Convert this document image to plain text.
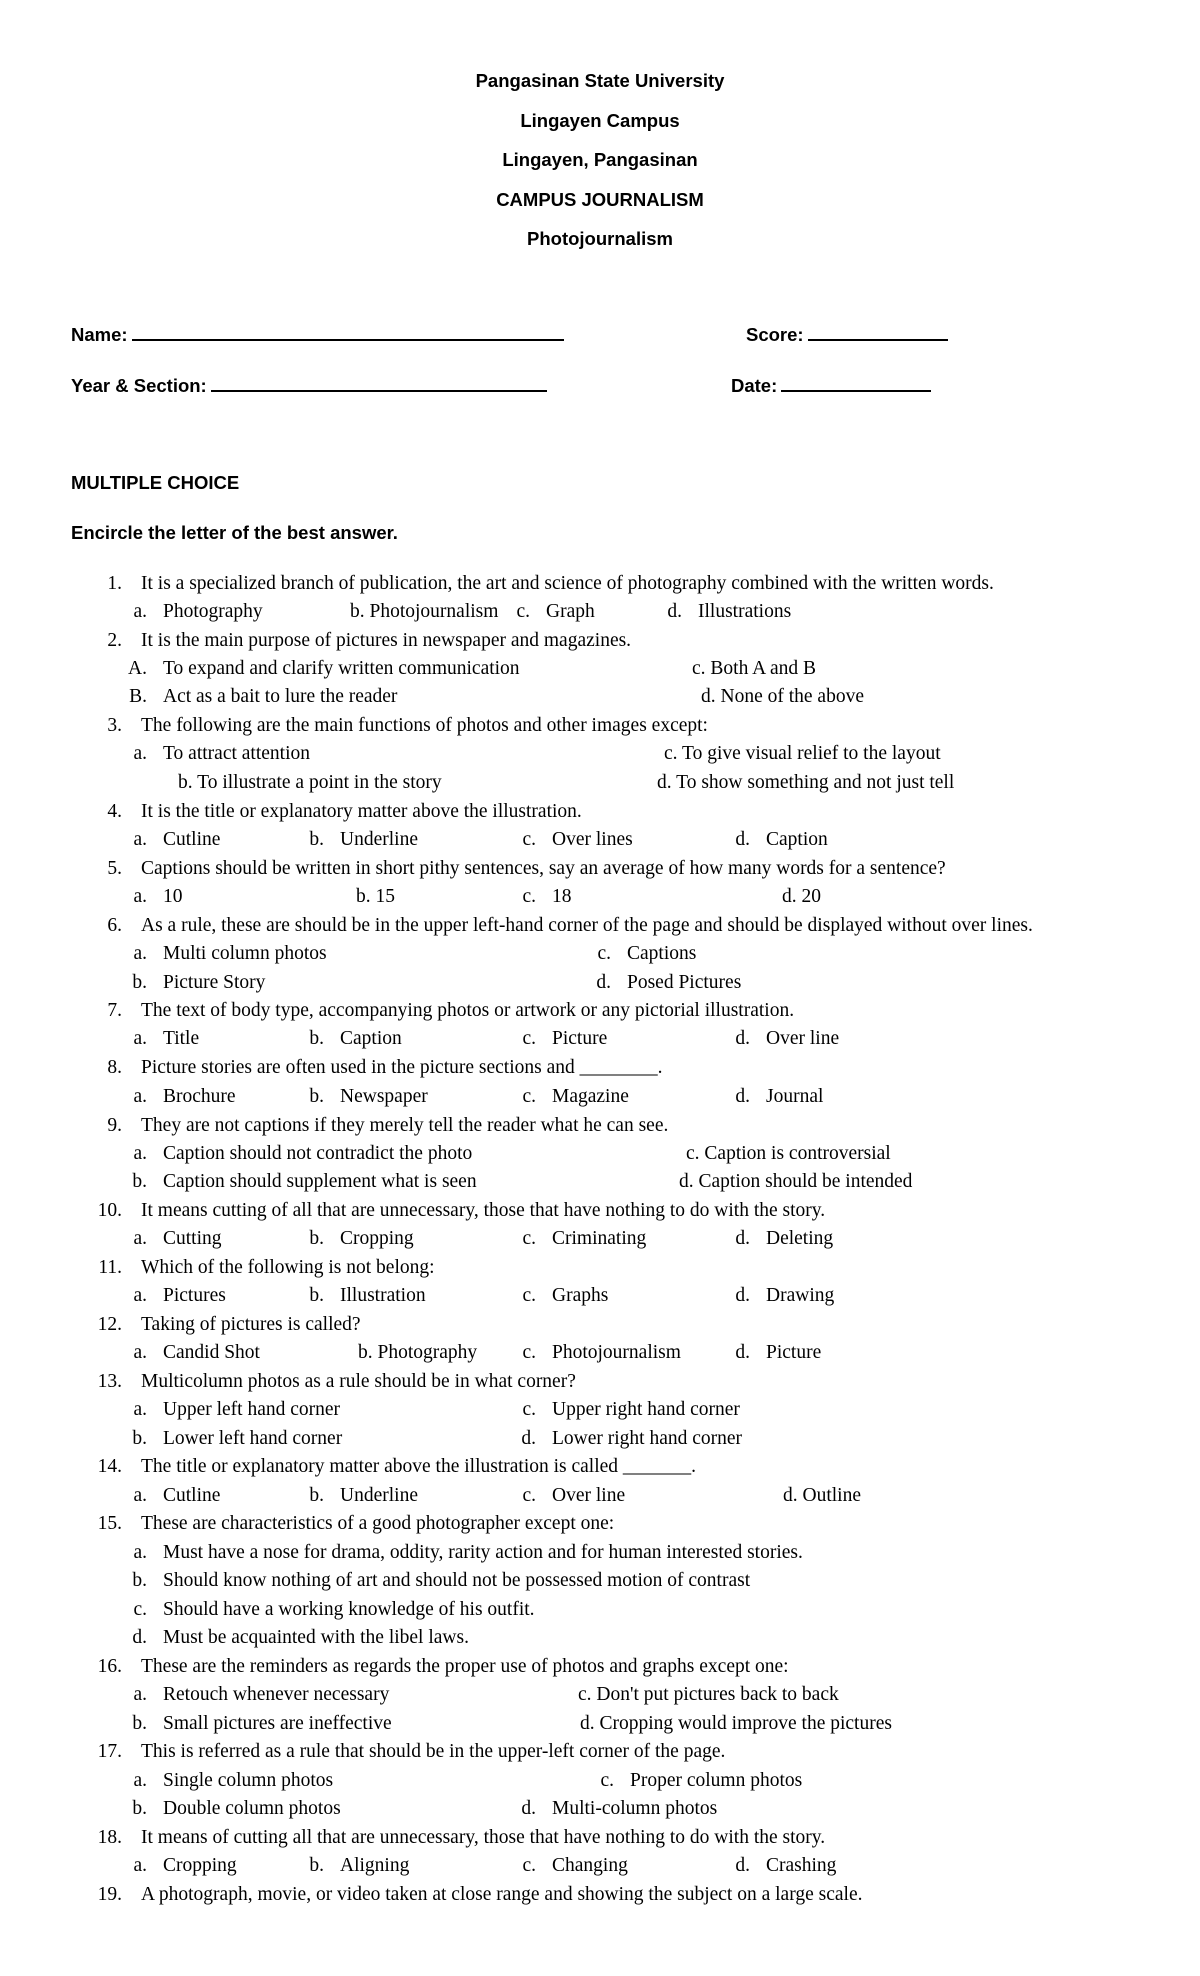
Pangasinan State University
Lingayen Campus
Lingayen, Pangasinan
CAMPUS JOURNALISM
Photojournalism
Name:	Score:
Year & Section:	Date:
MULTIPLE CHOICE
Encircle the letter of the best answer.
1. It is a specialized branch of publication, the art and science of photography combined with the written words.
a. Photography	b. Photojournalism c. Graph	d. Illustrations
2. It is the main purpose of pictures in newspaper and magazines.
A. To expand and clarify written communication	c. Both A and B
B. Act as a bait to lure the reader	d. None of the above
3. The following are the main functions of photos and other images except:
a. To attract attention	c. To give visual relief to the layout
b. To illustrate a point in the story	d. To show something and not just tell
4. It is the title or explanatory matter above the illustration.
a. Cutline	b. Underline	c. Over lines	d. Caption
5. Captions should be written in short pithy sentences, say an average of how many words for a sentence?
a. 10	b. 15	c. 18	d. 20
6. As a rule, these are should be in the upper left-hand corner of the page and should be displayed without over lines.
a. Multi column photos	c. Captions
b. Picture Story	d. Posed Pictures
7. The text of body type, accompanying photos or artwork or any pictorial illustration.
a. Title	b. Caption	c. Picture	d. Over line
8. Picture stories are often used in the picture sections and ________.
a. Brochure	b. Newspaper	c. Magazine	d. Journal
9. They are not captions if they merely tell the reader what he can see.
a. Caption should not contradict the photo	c. Caption is controversial
b. Caption should supplement what is seen	d. Caption should be intended
10. It means cutting of all that are unnecessary, those that have nothing to do with the story.
a. Cutting	b. Cropping	c. Criminating	d. Deleting
11. Which of the following is not belong:
a. Pictures	b. Illustration	c. Graphs	d. Drawing
12. Taking of pictures is called?
a. Candid Shot	b. Photography	c. Photojournalism	d. Picture
13. Multicolumn photos as a rule should be in what corner?
a. Upper left hand corner	c. Upper right hand corner
b. Lower left hand corner	d. Lower right hand corner
14. The title or explanatory matter above the illustration is called _______.
a. Cutline	b. Underline	c. Over line	d. Outline
15. These are characteristics of a good photographer except one:
a. Must have a nose for drama, oddity, rarity action and for human interested stories.
b. Should know nothing of art and should not be possessed motion of contrast
c. Should have a working knowledge of his outfit.
d. Must be acquainted with the libel laws.
16. These are the reminders as regards the proper use of photos and graphs except one:
a. Retouch whenever necessary	c. Don't put pictures back to back
b. Small pictures are ineffective	d. Cropping would improve the pictures
17. This is referred as a rule that should be in the upper-left corner of the page.
a. Single column photos	c. Proper column photos
b. Double column photos	d. Multi-column photos
18. It means of cutting all that are unnecessary, those that have nothing to do with the story.
a. Cropping	b. Aligning	c. Changing	d. Crashing
19. A photograph, movie, or video taken at close range and showing the subject on a large scale.
